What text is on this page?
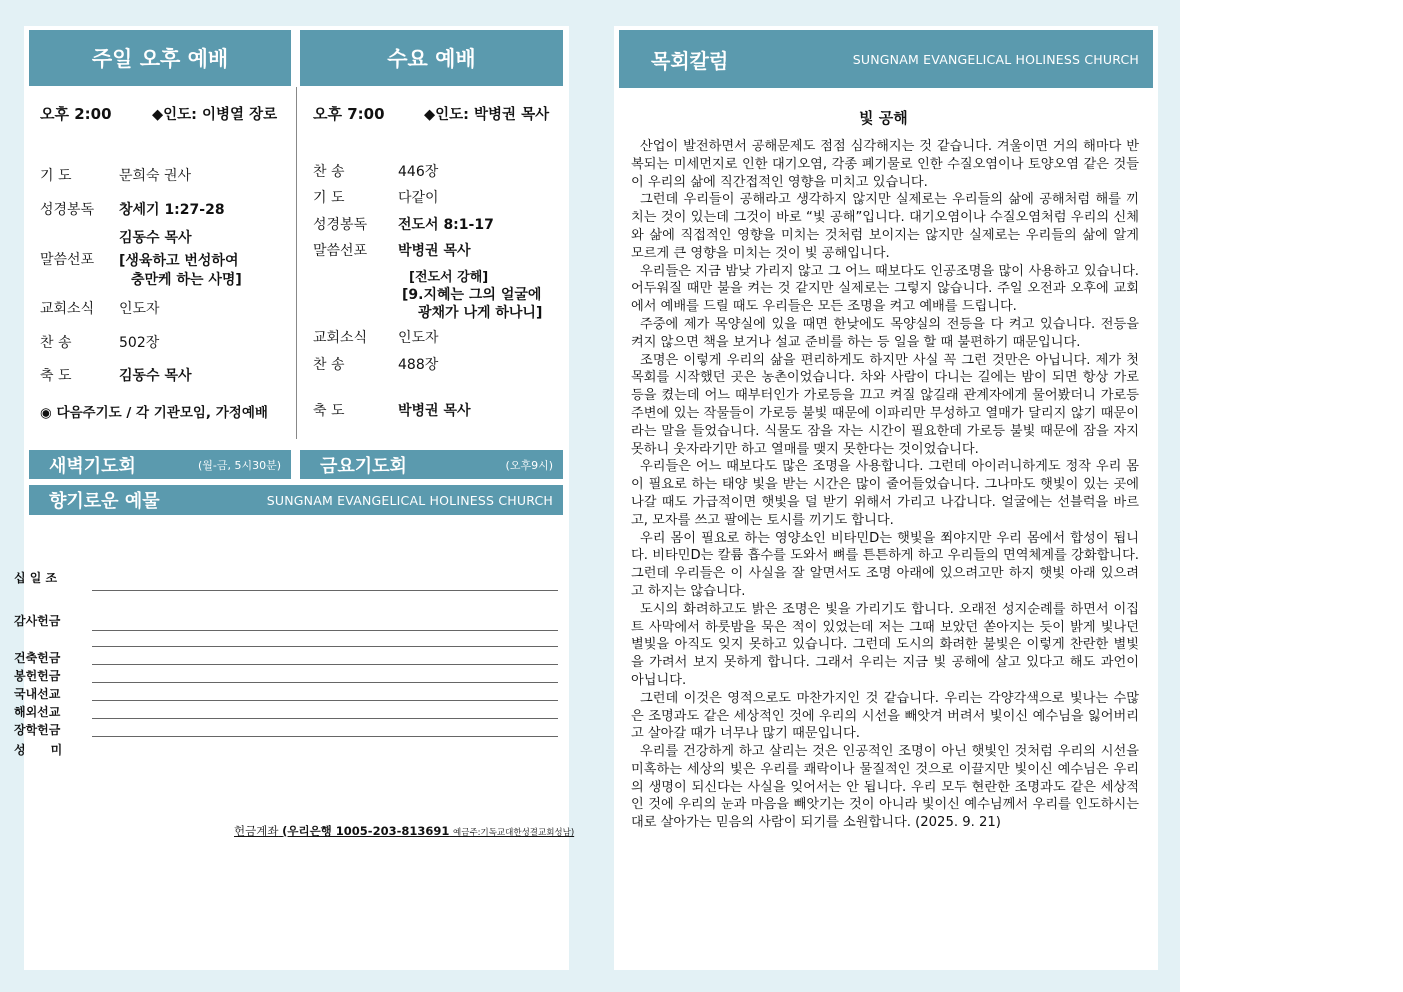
주일 오후 예배	수요 예배
오후 2:00	◆인도: 이병열 장로
기 도	문희숙 권사
성경봉독 창세기 1:27-28
말씀선포
김동수 목사
[생육하고 번성하여
충만케 하는 사명]
교회소식 인도자
찬 송	502장
축 도	김동수 목사
◉ 다음주기도 / 각 기관모임, 가정예배
오후 7:00	◆인도: 박병권 목사
찬 송	446장
기 도	다같이
성경봉독 전도서 8:1-17
말씀선포 박병권 목사
[전도서 강해]
[9.지혜는 그의 얼굴에
광채가 나게 하나니]
교회소식 인도자
찬 송	488장
축 도	박병권 목사
새벽기도회	(월-금, 5시30분) 금요기도회	(오후9시)
향기로운 예물	SUNGNAM EVANGELICAL HOLINESS CHURCH
십 일 조
감사헌금
건축헌금
봉헌헌금
국내선교
해외선교
장학헌금
성      미
헌금계좌 (우리은행 1005-203-813691 예금주:기독교대한성결교회성남)
목회칼럼	SUNGNAM EVANGELICAL HOLINESS CHURCH
빛 공해

산업이 발전하면서 공해문제도 점점 심각해지는 것 같습니다. 겨울이면 거의 해마다 반복되는 미세먼지로 인한 대기오염, 각종 폐기물로 인한 수질오염이나 토양오염 같은 것들이 우리의 삶에 직간접적인 영향을 미치고 있습니다.

그런데 우리들이 공해라고 생각하지 않지만 실제로는 우리들의 삶에 공해처럼 해를 끼치는 것이 있는데 그것이 바로 “빛 공해”입니다. 대기오염이나 수질오염처럼 우리의 신체와 삶에 직접적인 영향을 미치는 것처럼 보이지는 않지만 실제로는 우리들의 삶에 알게 모르게 큰 영향을 미치는 것이 빛 공해입니다.

우리들은 지금 밤낮 가리지 않고 그 어느 때보다도 인공조명을 많이 사용하고 있습니다. 어두워질 때만 불을 켜는 것 같지만 실제로는 그렇지 않습니다. 주일 오전과 오후에 교회에서 예배를 드릴 때도 우리들은 모든 조명을 켜고 예배를 드립니다.

주중에 제가 목양실에 있을 때면 한낮에도 목양실의 전등을 다 켜고 있습니다. 전등을 켜지 않으면 책을 보거나 설교 준비를 하는 등 일을 할 때 불편하기 때문입니다.

조명은 이렇게 우리의 삶을 편리하게도 하지만 사실 꼭 그런 것만은 아닙니다. 제가 첫 목회를 시작했던 곳은 농촌이었습니다. 차와 사람이 다니는 길에는 밤이 되면 항상 가로등을 켰는데 어느 때부터인가 가로등을 끄고 켜질 않길래 관계자에게 물어봤더니 가로등 주변에 있는 작물들이 가로등 불빛 때문에 이파리만 무성하고 열매가 달리지 않기 때문이라는 말을 들었습니다. 식물도 잠을 자는 시간이 필요한데 가로등 불빛 때문에 잠을 자지 못하니 웃자라기만 하고 열매를 맺지 못한다는 것이었습니다.

우리들은 어느 때보다도 많은 조명을 사용합니다. 그런데 아이러니하게도 정작 우리 몸이 필요로 하는 태양 빛을 받는 시간은 많이 줄어들었습니다. 그나마도 햇빛이 있는 곳에 나갈 때도 가급적이면 햇빛을 덜 받기 위해서 가리고 나갑니다. 얼굴에는 선블럭을 바르고, 모자를 쓰고 팔에는 토시를 끼기도 합니다.

우리 몸이 필요로 하는 영양소인 비타민D는 햇빛을 쬐야지만 우리 몸에서 합성이 됩니다. 비타민D는 칼륨 흡수를 도와서 뼈를 튼튼하게 하고 우리들의 면역체계를 강화합니다. 그런데 우리들은 이 사실을 잘 알면서도 조명 아래에 있으려고만 하지 햇빛 아래 있으려고 하지는 않습니다.

도시의 화려하고도 밝은 조명은 빛을 가리기도 합니다. 오래전 성지순례를 하면서 이집트 사막에서 하룻밤을 묵은 적이 있었는데 저는 그때 보았던 쏟아지는 듯이 밝게 빛나던 별빛을 아직도 잊지 못하고 있습니다. 그런데 도시의 화려한 불빛은 이렇게 찬란한 별빛을 가려서 보지 못하게 합니다. 그래서 우리는 지금 빛 공해에 살고 있다고 해도 과언이 아닙니다.

그런데 이것은 영적으로도 마찬가지인 것 같습니다. 우리는 각양각색으로 빛나는 수많은 조명과도 같은 세상적인 것에 우리의 시선을 빼앗겨 버려서 빛이신 예수님을 잃어버리고 살아갈 때가 너무나 많기 때문입니다.

우리를 건강하게 하고 살리는 것은 인공적인 조명이 아닌 햇빛인 것처럼 우리의 시선을 미혹하는 세상의 빛은 우리를 쾌락이나 물질적인 것으로 이끌지만 빛이신 예수님은 우리의 생명이 되신다는 사실을 잊어서는 안 됩니다. 우리 모두 현란한 조명과도 같은 세상적인 것에 우리의 눈과 마음을 빼앗기는 것이 아니라 빛이신 예수님께서 우리를 인도하시는 대로 살아가는 믿음의 사람이 되기를 소원합니다. (2025. 9. 21)
